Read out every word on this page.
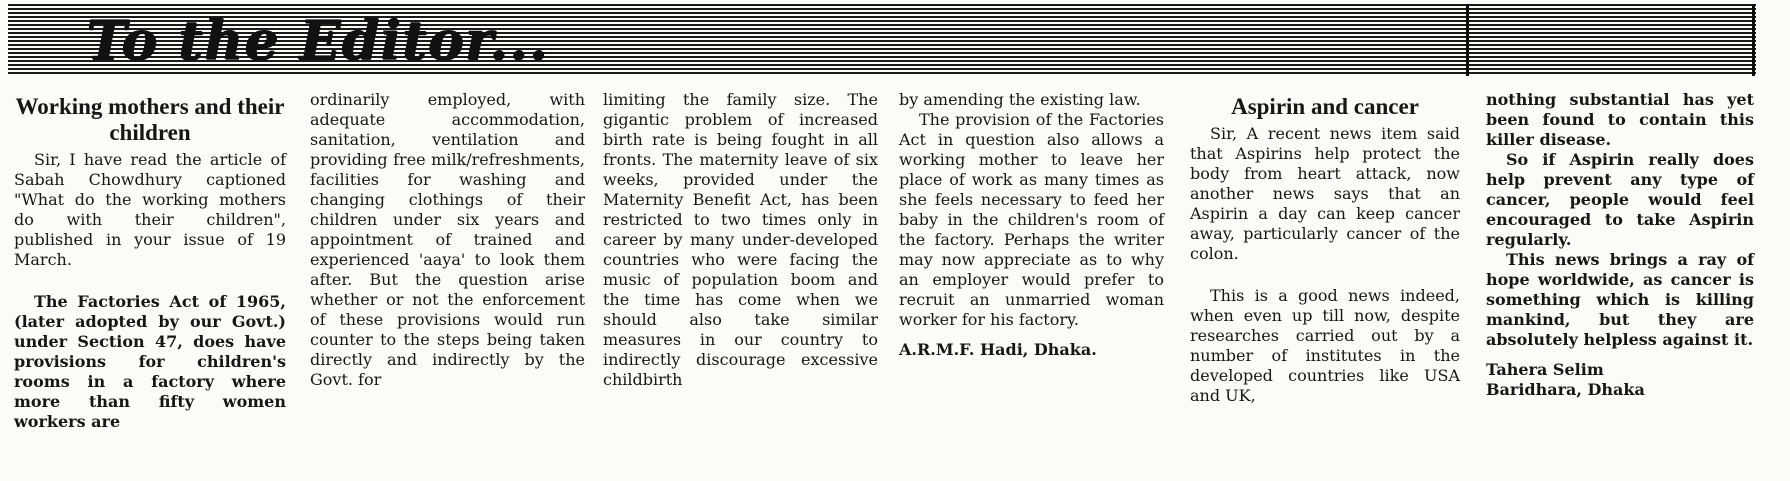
To the Editor...
Working mothers and their children

Sir, I have read the article of Sabah Chowdhury captioned "What do the working mothers do with their children", published in your issue of 19 March.

The Factories Act of 1965, (later adopted by our Govt.) under Section 47, does have provisions for children's rooms in a factory where more than fifty women workers are

ordinarily employed, with adequate accommodation, sanitation, ventilation and providing free milk/refreshments, facilities for washing and changing clothings of their children under six years and appointment of trained and experienced 'aaya' to look them after. But the question arise whether or not the enforcement of these provisions would run counter to the steps being taken directly and indirectly by the Govt. for

limiting the family size. The gigantic problem of increased birth rate is being fought in all fronts. The maternity leave of six weeks, provided under the Maternity Benefit Act, has been restricted to two times only in career by many under-developed countries who were facing the music of population boom and the time has come when we should also take similar measures in our country to indirectly discourage excessive childbirth

by amending the existing law.

The provision of the Factories Act in question also allows a working mother to leave her place of work as many times as she feels necessary to feed her baby in the children's room of the factory. Perhaps the writer may now appreciate as to why an employer would prefer to recruit an unmarried woman worker for his factory.

A.R.M.F. Hadi, Dhaka.

Aspirin and cancer

Sir, A recent news item said that Aspirins help protect the body from heart attack, now another news says that an Aspirin a day can keep cancer away, particularly cancer of the colon.

This is a good news indeed, when even up till now, despite researches carried out by a number of institutes in the developed countries like USA and UK,

nothing substantial has yet been found to contain this killer disease.

So if Aspirin really does help prevent any type of cancer, people would feel encouraged to take Aspirin regularly.

This news brings a ray of hope worldwide, as cancer is something which is killing mankind, but they are absolutely helpless against it.

Tahera Selim

Baridhara, Dhaka
